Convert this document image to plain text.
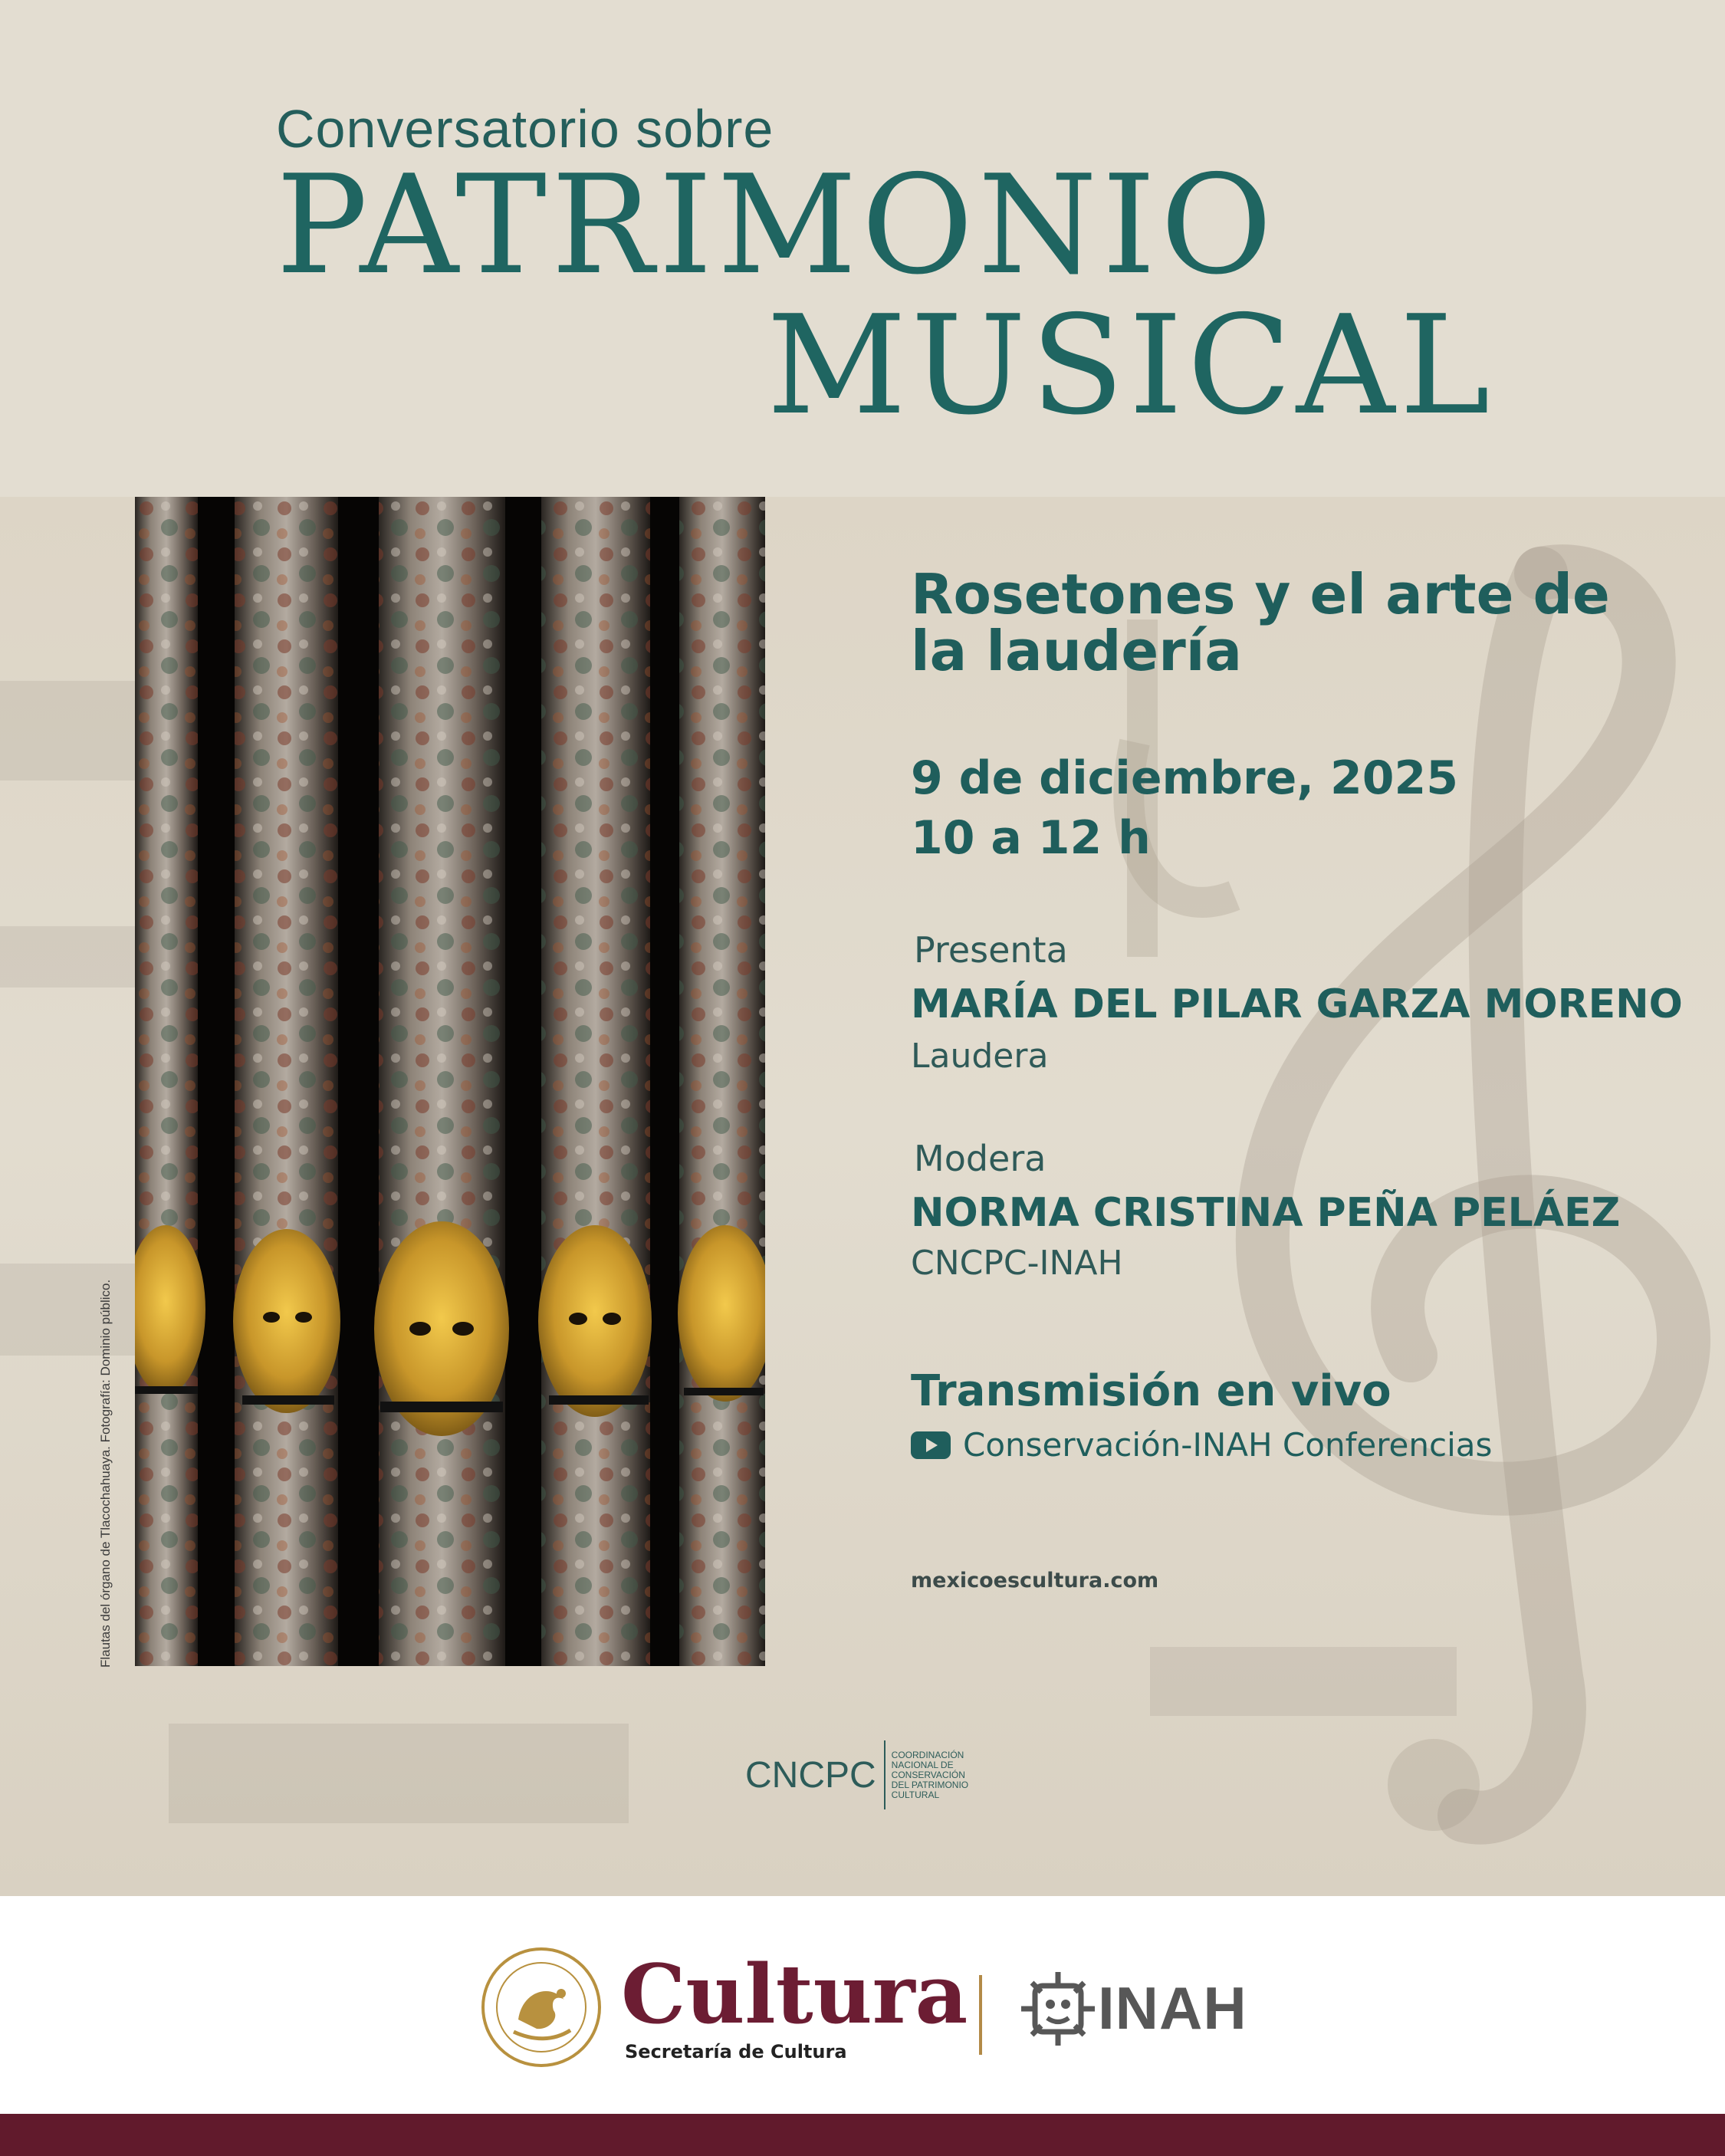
Conversatorio sobre
PATRIMONIO
MUSICAL
Flautas del órgano de Tlacochahuaya. Fotografía: Dominio público.
Rosetones y el arte de la laudería
9 de diciembre, 2025
10 a 12 h
Presenta
MARÍA DEL PILAR GARZA MORENO
Laudera
Modera
NORMA CRISTINA PEÑA PELÁEZ
CNCPC-INAH
Transmisión en vivo
Conservación-INAH Conferencias
mexicoescultura.com
CNCPC COORDINACIÓN NACIONAL DE CONSERVACIÓN DEL PATRIMONIO CULTURAL
Cultura
Secretaría de Cultura
INAH
